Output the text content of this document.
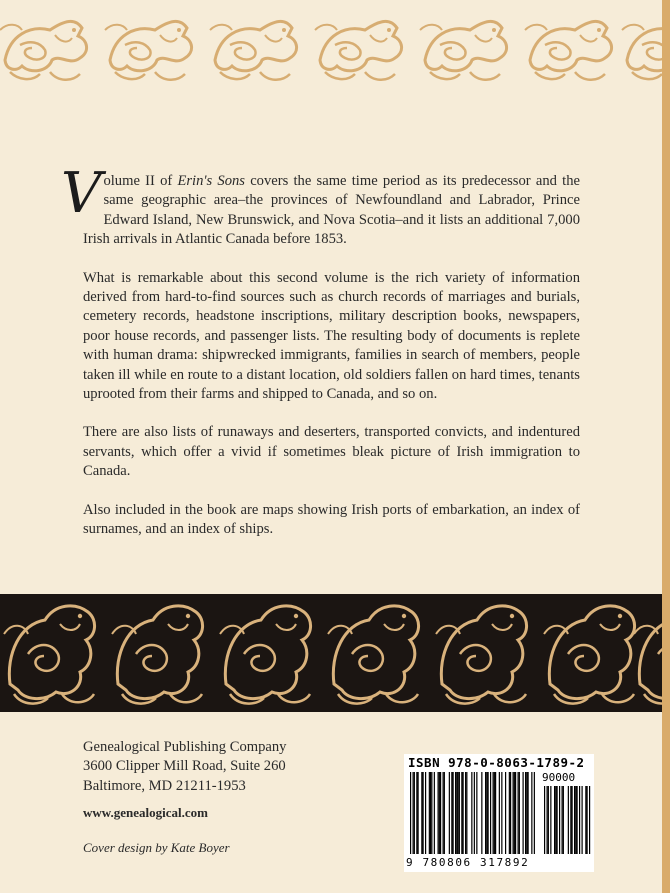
Volume II of Erin's Sons covers the same time period as its predecessor and the same geographic area–the provinces of Newfoundland and Labrador, Prince Edward Island, New Brunswick, and Nova Scotia–and it lists an additional 7,000 Irish arrivals in Atlantic Canada before 1853.

What is remarkable about this second volume is the rich variety of information derived from hard-to-find sources such as church records of marriages and burials, cemetery records, headstone inscriptions, military description books, newspapers, poor house records, and passenger lists. The resulting body of documents is replete with human drama: shipwrecked immigrants, families in search of members, people taken ill while en route to a distant location, old soldiers fallen on hard times, tenants uprooted from their farms and shipped to Canada, and so on.

There are also lists of runaways and deserters, transported convicts, and indentured servants, which offer a vivid if sometimes bleak picture of Irish immigration to Canada.

Also included in the book are maps showing Irish ports of embarkation, an index of surnames, and an index of ships.

Genealogical Publishing Company
3600 Clipper Mill Road, Suite 260
Baltimore, MD 21211-1953
www.genealogical.com
Cover design by Kate Boyer
ISBN 978-0-8063-1789-2
90000
9 780806 317892
